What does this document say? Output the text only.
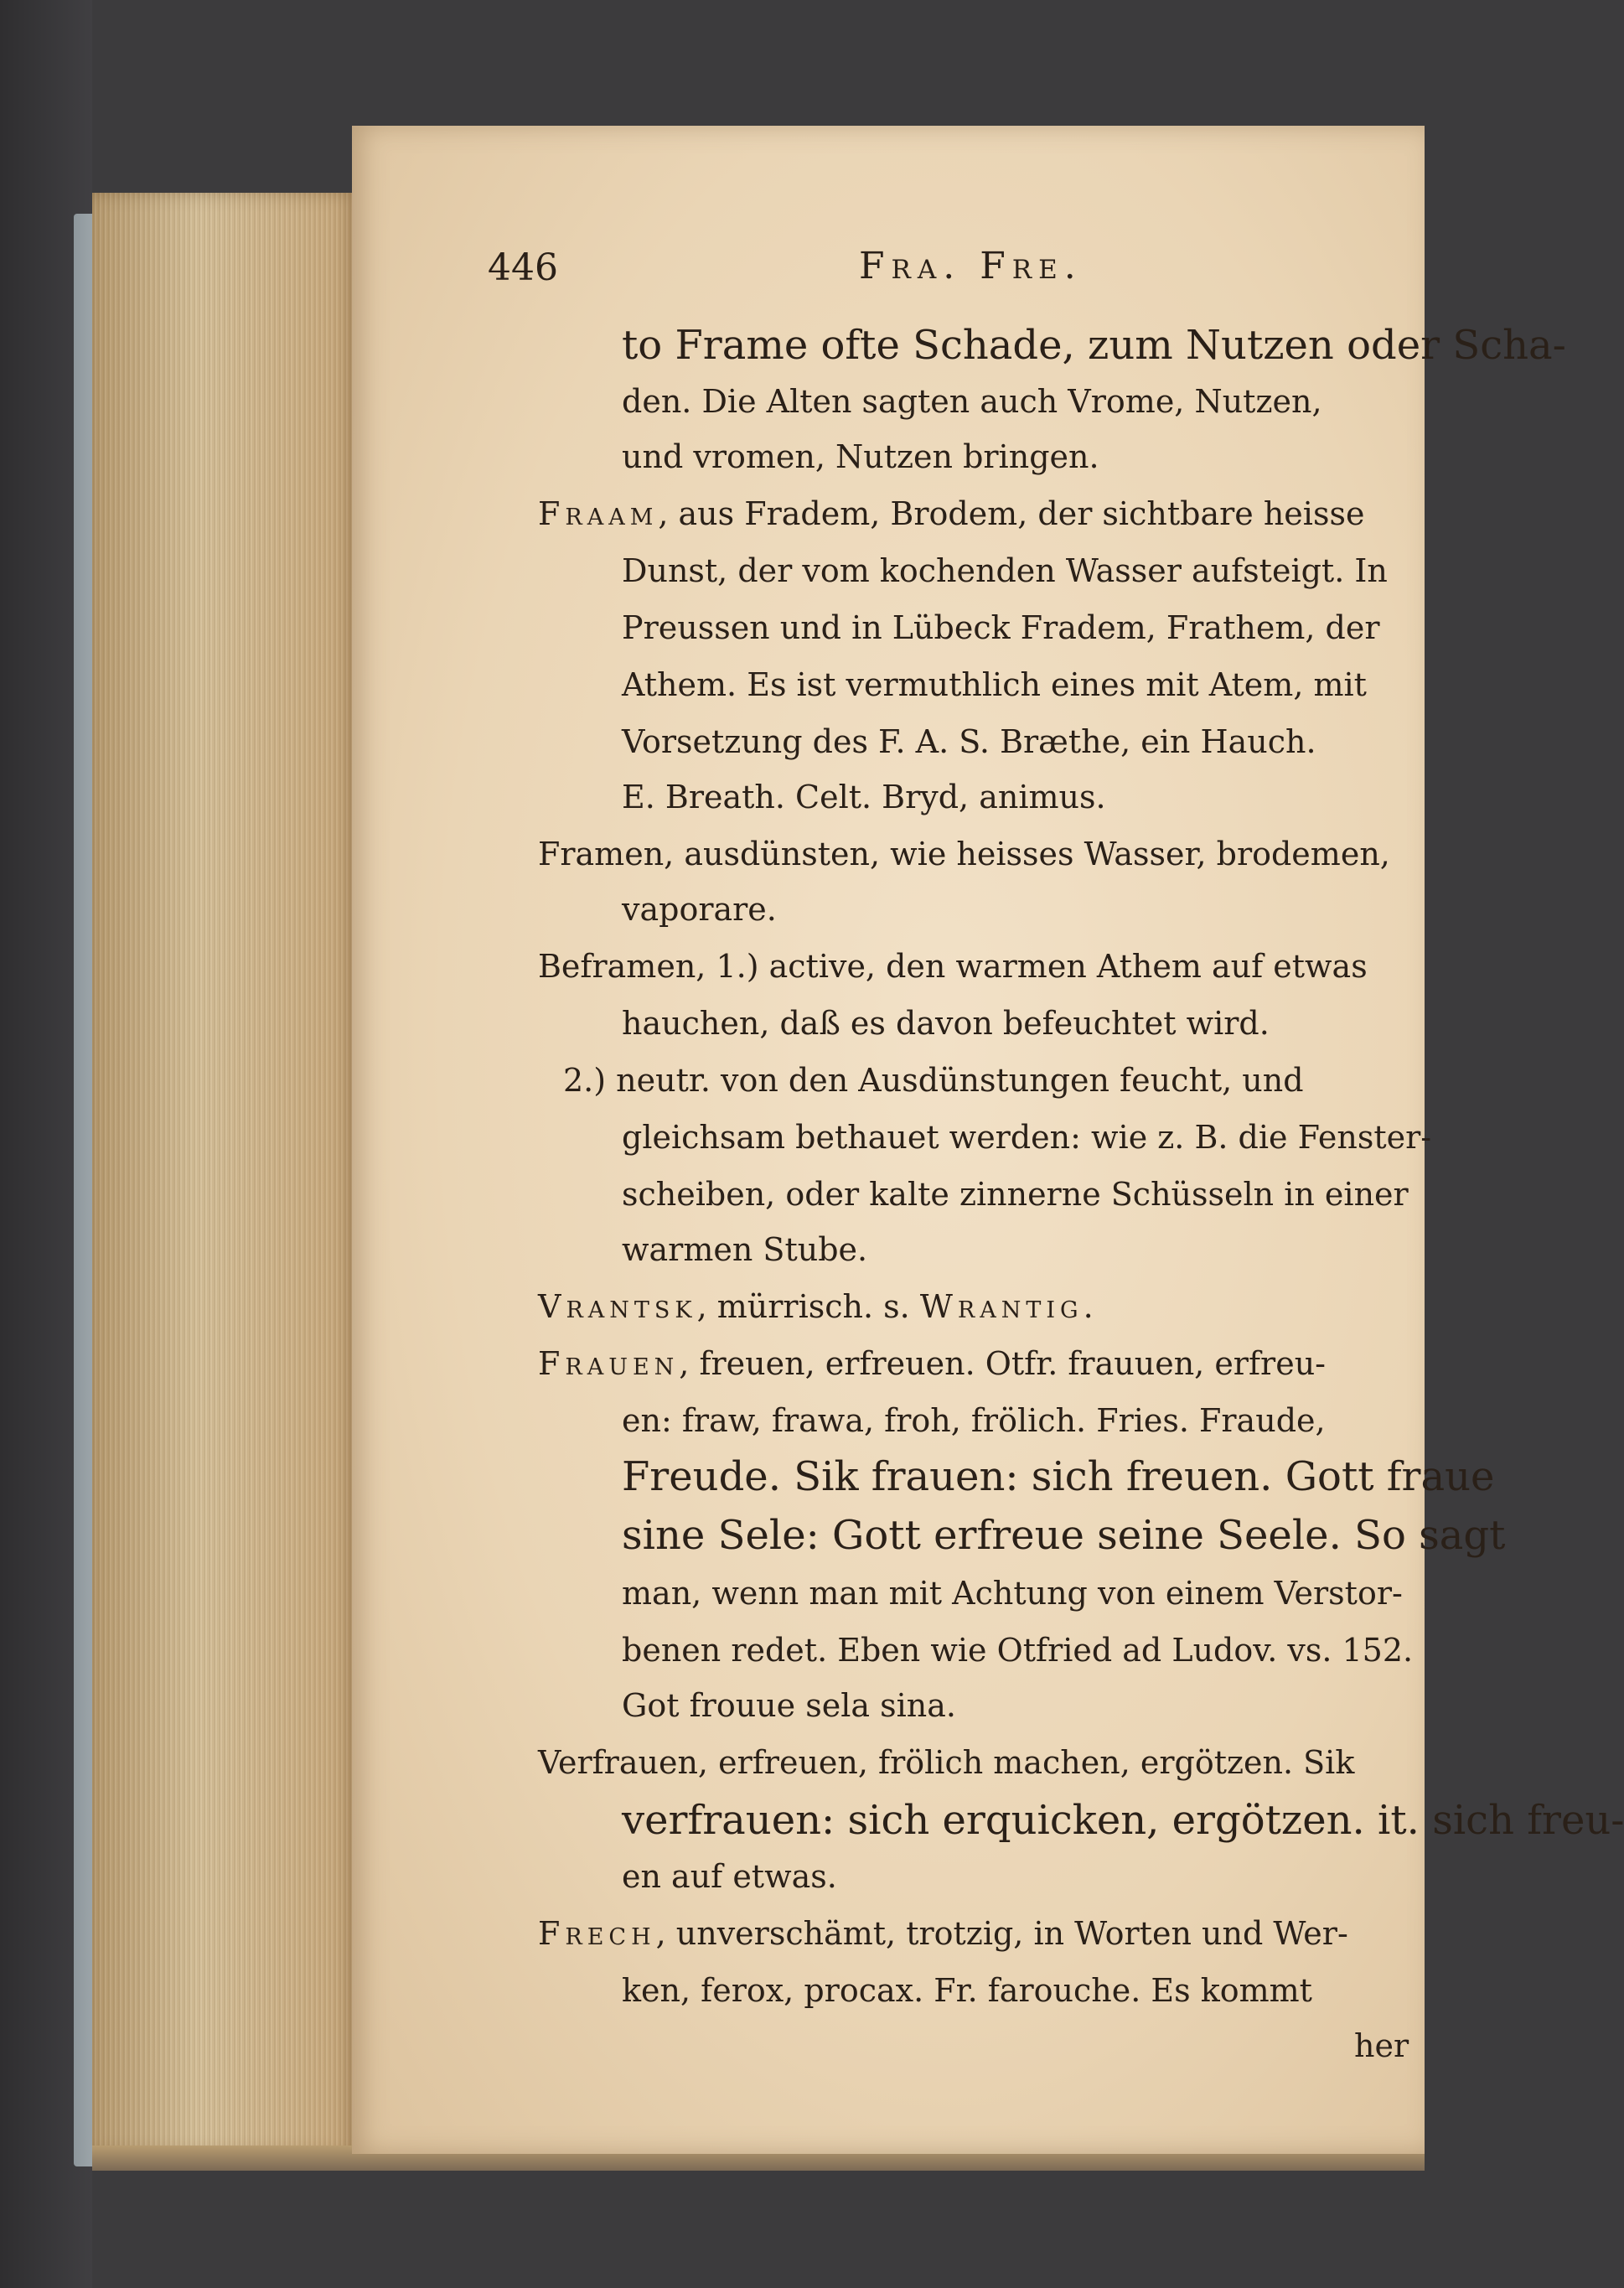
446	Fra. Fre.
to Frame ofte Schade, zum Nutzen oder Scha-
den. Die Alten sagten auch Vrome, Nutzen,
und vromen, Nutzen bringen.
Fraam, aus Fradem, Brodem, der sichtbare heisse
Dunst, der vom kochenden Wasser aufsteigt. In
Preussen und in Lübeck Fradem, Frathem, der
Athem. Es ist vermuthlich eines mit Atem, mit
Vorsetzung des F. A. S. Bræthe, ein Hauch.
E. Breath. Celt. Bryd, animus.
Framen, ausdünsten, wie heisses Wasser, brodemen,
vaporare.
Beframen, 1.) active, den warmen Athem auf etwas
hauchen, daß es davon befeuchtet wird.
2.) neutr. von den Ausdünstungen feucht, und
gleichsam bethauet werden: wie z. B. die Fenster-
scheiben, oder kalte zinnerne Schüsseln in einer
warmen Stube.
Vrantsk, mürrisch. s. Wrantig.
Frauen, freuen, erfreuen. Otfr. frauuen, erfreu-
en: fraw, frawa, froh, frölich. Fries. Fraude,
Freude. Sik frauen: sich freuen. Gott fraue
sine Sele: Gott erfreue seine Seele. So sagt
man, wenn man mit Achtung von einem Verstor-
benen redet. Eben wie Otfried ad Ludov. vs. 152.
Got frouue sela sina.
Verfrauen, erfreuen, frölich machen, ergötzen. Sik
verfrauen: sich erquicken, ergötzen. it. sich freu-
en auf etwas.
Frech, unverschämt, trotzig, in Worten und Wer-
ken, ferox, procax. Fr. farouche. Es kommt
her
